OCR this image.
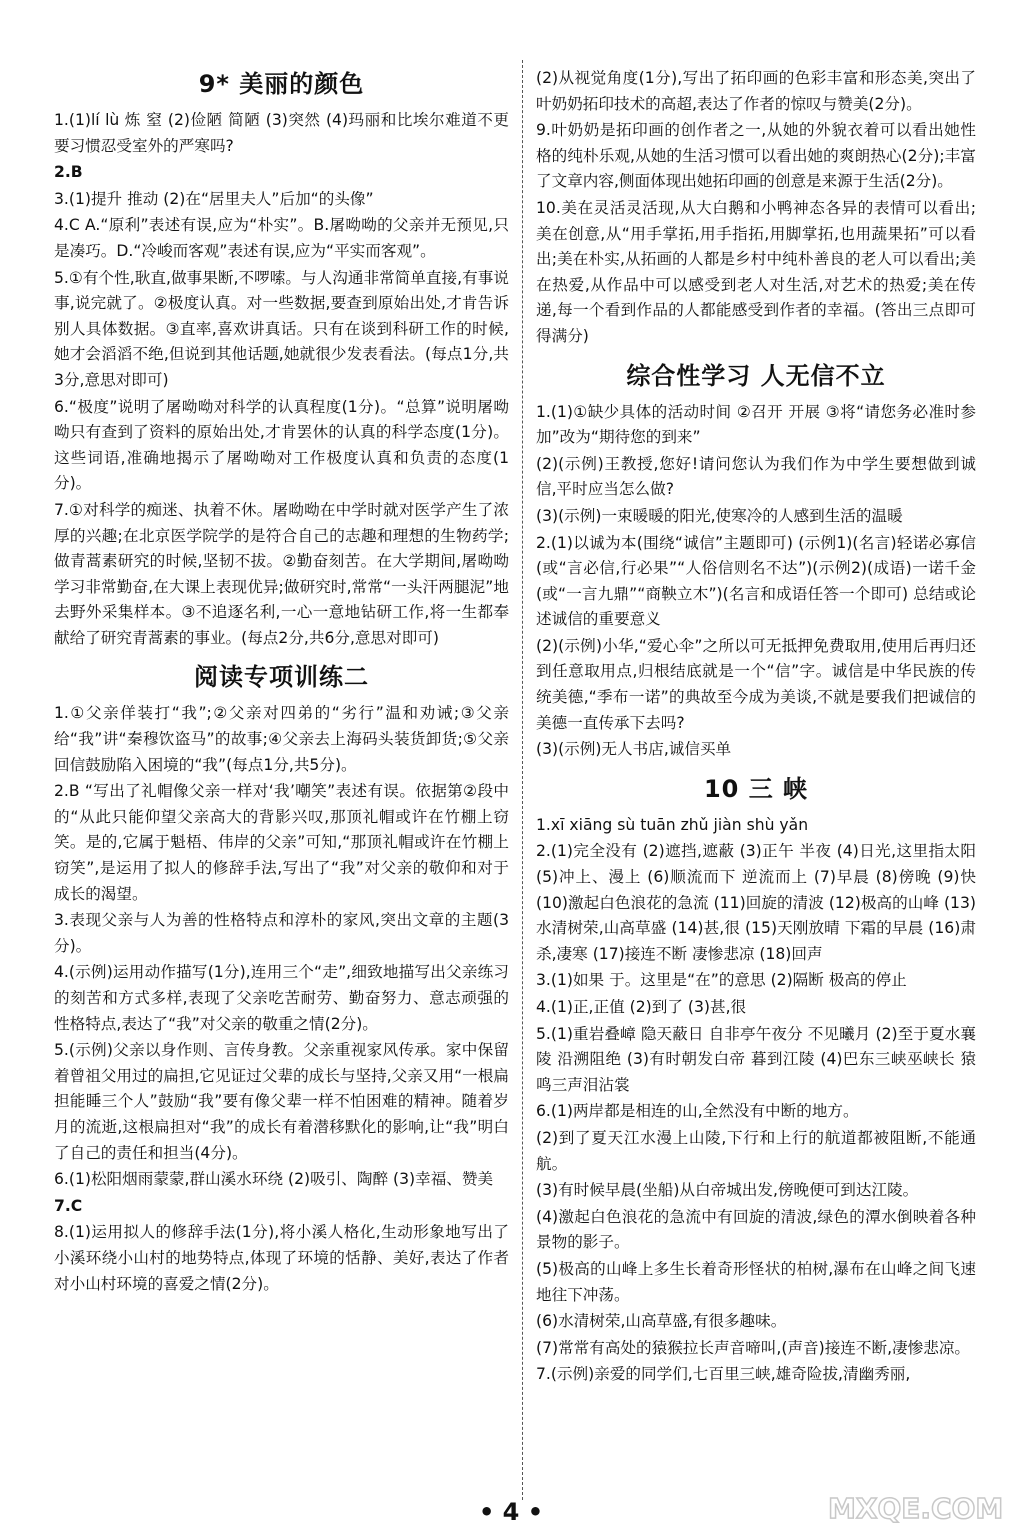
9* 美丽的颜色

1.(1)lí lù 炼 窒 (2)俭陋 简陋 (3)突然 (4)玛丽和比埃尔难道不更要习惯忍受室外的严寒吗?

2.B

3.(1)提升 推动 (2)在“居里夫人”后加“的头像”

4.C A.“原利”表述有误,应为“朴实”。B.屠呦呦的父亲并无预见,只是凑巧。D.“冷峻而客观”表述有误,应为“平实而客观”。

5.①有个性,耿直,做事果断,不啰嗦。与人沟通非常简单直接,有事说事,说完就了。②极度认真。对一些数据,要查到原始出处,才肯告诉别人具体数据。③直率,喜欢讲真话。只有在谈到科研工作的时候,她才会滔滔不绝,但说到其他话题,她就很少发表看法。(每点1分,共3分,意思对即可)

6.“极度”说明了屠呦呦对科学的认真程度(1分)。“总算”说明屠呦呦只有查到了资料的原始出处,才肯罢休的认真的科学态度(1分)。这些词语,准确地揭示了屠呦呦对工作极度认真和负责的态度(1分)。

7.①对科学的痴迷、执着不休。屠呦呦在中学时就对医学产生了浓厚的兴趣;在北京医学院学的是符合自己的志趣和理想的生物药学;做青蒿素研究的时候,坚韧不拔。②勤奋刻苦。在大学期间,屠呦呦学习非常勤奋,在大课上表现优异;做研究时,常常“一头汗两腿泥”地去野外采集样本。③不追逐名利,一心一意地钻研工作,将一生都奉献给了研究青蒿素的事业。(每点2分,共6分,意思对即可)

阅读专项训练二

1.①父亲佯装打“我”;②父亲对四弟的“劣行”温和劝诫;③父亲给“我”讲“秦穆饮盗马”的故事;④父亲去上海码头装货卸货;⑤父亲回信鼓励陷入困境的“我”(每点1分,共5分)。

2.B “写出了礼帽像父亲一样对‘我’嘲笑”表述有误。依据第②段中的“从此只能仰望父亲高大的背影兴叹,那顶礼帽或许在竹棚上窃笑。是的,它属于魁梧、伟岸的父亲”可知,“那顶礼帽或许在竹棚上窃笑”,是运用了拟人的修辞手法,写出了“我”对父亲的敬仰和对于成长的渴望。

3.表现父亲与人为善的性格特点和淳朴的家风,突出文章的主题(3分)。

4.(示例)运用动作描写(1分),连用三个“走”,细致地描写出父亲练习的刻苦和方式多样,表现了父亲吃苦耐劳、勤奋努力、意志顽强的性格特点,表达了“我”对父亲的敬重之情(2分)。

5.(示例)父亲以身作则、言传身教。父亲重视家风传承。家中保留着曾祖父用过的扁担,它见证过父辈的成长与坚持,父亲又用“一根扁担能睡三个人”鼓励“我”要有像父辈一样不怕困难的精神。随着岁月的流逝,这根扁担对“我”的成长有着潜移默化的影响,让“我”明白了自己的责任和担当(4分)。

6.(1)松阳烟雨蒙蒙,群山溪水环绕 (2)吸引、陶醉 (3)幸福、赞美

7.C

8.(1)运用拟人的修辞手法(1分),将小溪人格化,生动形象地写出了小溪环绕小山村的地势特点,体现了环境的恬静、美好,表达了作者对小山村环境的喜爱之情(2分)。

(2)从视觉角度(1分),写出了拓印画的色彩丰富和形态美,突出了叶奶奶拓印技术的高超,表达了作者的惊叹与赞美(2分)。

9.叶奶奶是拓印画的创作者之一,从她的外貌衣着可以看出她性格的纯朴乐观,从她的生活习惯可以看出她的爽朗热心(2分);丰富了文章内容,侧面体现出她拓印画的创意是来源于生活(2分)。

10.美在灵活灵活现,从大白鹅和小鸭神态各异的表情可以看出;美在创意,从“用手掌拓,用手指拓,用脚掌拓,也用蔬果拓”可以看出;美在朴实,从拓画的人都是乡村中纯朴善良的老人可以看出;美在热爱,从作品中可以感受到老人对生活,对艺术的热爱;美在传递,每一个看到作品的人都能感受到作者的幸福。(答出三点即可得满分)

综合性学习 人无信不立

1.(1)①缺少具体的活动时间 ②召开 开展 ③将“请您务必准时参加”改为“期待您的到来”

(2)(示例)王教授,您好!请问您认为我们作为中学生要想做到诚信,平时应当怎么做?

(3)(示例)一束暖暖的阳光,使寒冷的人感到生活的温暖

2.(1)以诚为本(围绕“诚信”主题即可) (示例1)(名言)轻诺必寡信(或“言必信,行必果”“人俗信则名不达”)(示例2)(成语)一诺千金(或“一言九鼎”“商鞅立木”)(名言和成语任答一个即可) 总结或论述诚信的重要意义

(2)(示例)小华,“爱心伞”之所以可无抵押免费取用,使用后再归还到任意取用点,归根结底就是一个“信”字。诚信是中华民族的传统美德,“季布一诺”的典故至今成为美谈,不就是要我们把诚信的美德一直传承下去吗?

(3)(示例)无人书店,诚信买单

10 三 峡

1.xī xiāng sù tuān zhǔ jiàn shù yǎn

2.(1)完全没有 (2)遮挡,遮蔽 (3)正午 半夜 (4)日光,这里指太阳 (5)冲上、漫上 (6)顺流而下 逆流而上 (7)早晨 (8)傍晚 (9)快 (10)激起白色浪花的急流 (11)回旋的清波 (12)极高的山峰 (13)水清树荣,山高草盛 (14)甚,很 (15)天刚放晴 下霜的早晨 (16)肃杀,凄寒 (17)接连不断 凄惨悲凉 (18)回声

3.(1)如果 于。这里是“在”的意思 (2)隔断 极高的停止

4.(1)正,正值 (2)到了 (3)甚,很

5.(1)重岩叠嶂 隐天蔽日 自非亭午夜分 不见曦月 (2)至于夏水襄陵 沿溯阻绝 (3)有时朝发白帝 暮到江陵 (4)巴东三峡巫峡长 猿鸣三声泪沾裳

6.(1)两岸都是相连的山,全然没有中断的地方。

(2)到了夏天江水漫上山陵,下行和上行的航道都被阻断,不能通航。

(3)有时候早晨(坐船)从白帝城出发,傍晚便可到达江陵。

(4)激起白色浪花的急流中有回旋的清波,绿色的潭水倒映着各种景物的影子。

(5)极高的山峰上多生长着奇形怪状的柏树,瀑布在山峰之间飞速地往下冲荡。

(6)水清树荣,山高草盛,有很多趣味。

(7)常常有高处的猿猴拉长声音啼叫,(声音)接连不断,凄惨悲凉。

7.(示例)亲爱的同学们,七百里三峡,雄奇险拔,清幽秀丽,

• 4 •	MXQE.COM
